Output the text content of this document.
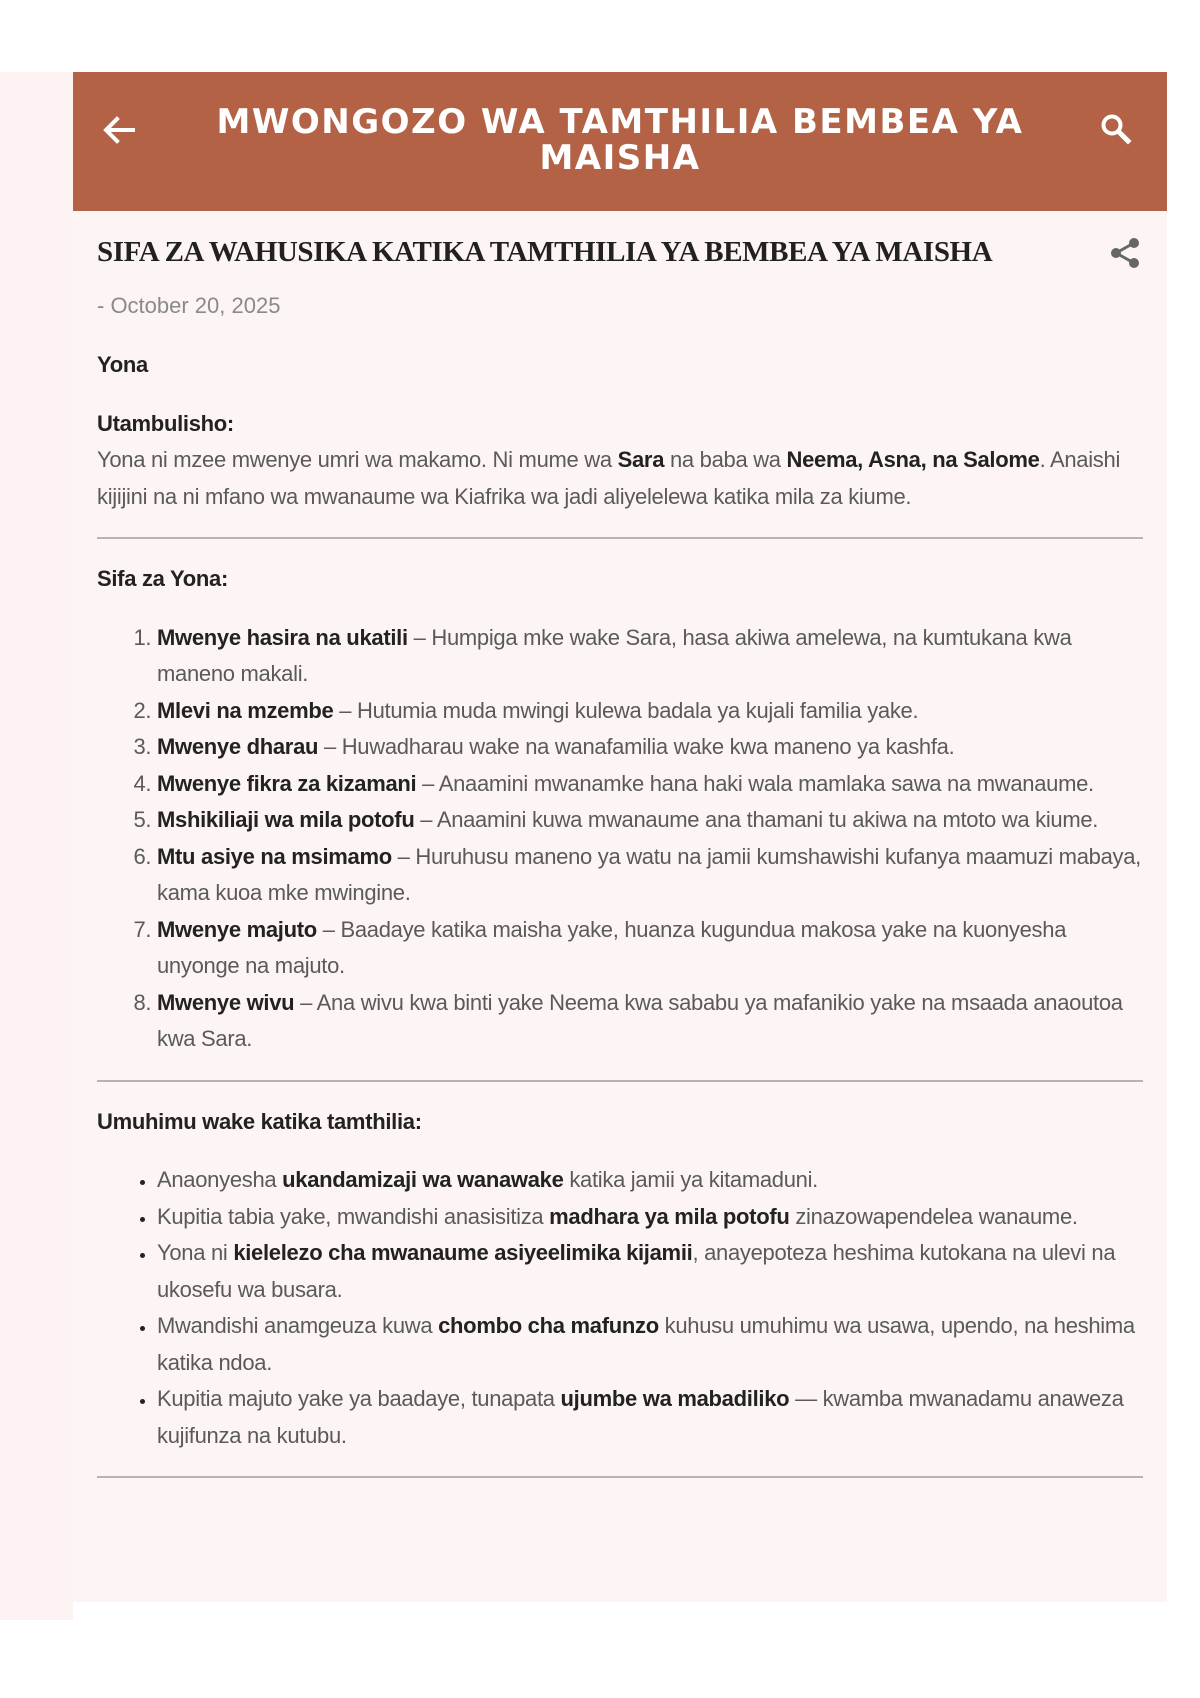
MWONGOZO WA TAMTHILIA BEMBEA YA MAISHA
SIFA ZA WAHUSIKA KATIKA TAMTHILIA YA BEMBEA YA MAISHA
- October 20, 2025

Yona

Utambulisho:

Yona ni mzee mwenye umri wa makamo. Ni mume wa Sara na baba wa Neema, Asna, na Salome. Anaishi kijijini na ni mfano wa mwanaume wa Kiafrika wa jadi aliyelelewa katika mila za kiume.

Sifa za Yona:

1. Mwenye hasira na ukatili – Humpiga mke wake Sara, hasa akiwa amelewa, na kumtukana kwa maneno makali.
2. Mlevi na mzembe – Hutumia muda mwingi kulewa badala ya kujali familia yake.
3. Mwenye dharau – Huwadharau wake na wanafamilia wake kwa maneno ya kashfa.
4. Mwenye fikra za kizamani – Anaamini mwanamke hana haki wala mamlaka sawa na mwanaume.
5. Mshikiliaji wa mila potofu – Anaamini kuwa mwanaume ana thamani tu akiwa na mtoto wa kiume.
6. Mtu asiye na msimamo – Huruhusu maneno ya watu na jamii kumshawishi kufanya maamuzi mabaya, kama kuoa mke mwingine.
7. Mwenye majuto – Baadaye katika maisha yake, huanza kugundua makosa yake na kuonyesha unyonge na majuto.
8. Mwenye wivu – Ana wivu kwa binti yake Neema kwa sababu ya mafanikio yake na msaada anaoutoa kwa Sara.

Umuhimu wake katika tamthilia:

• Anaonyesha ukandamizaji wa wanawake katika jamii ya kitamaduni.
• Kupitia tabia yake, mwandishi anasisitiza madhara ya mila potofu zinazowapendelea wanaume.
• Yona ni kielelezo cha mwanaume asiyeelimika kijamii, anayepoteza heshima kutokana na ulevi na ukosefu wa busara.
• Mwandishi anamgeuza kuwa chombo cha mafunzo kuhusu umuhimu wa usawa, upendo, na heshima katika ndoa.
• Kupitia majuto yake ya baadaye, tunapata ujumbe wa mabadiliko — kwamba mwanadamu anaweza kujifunza na kutubu.
